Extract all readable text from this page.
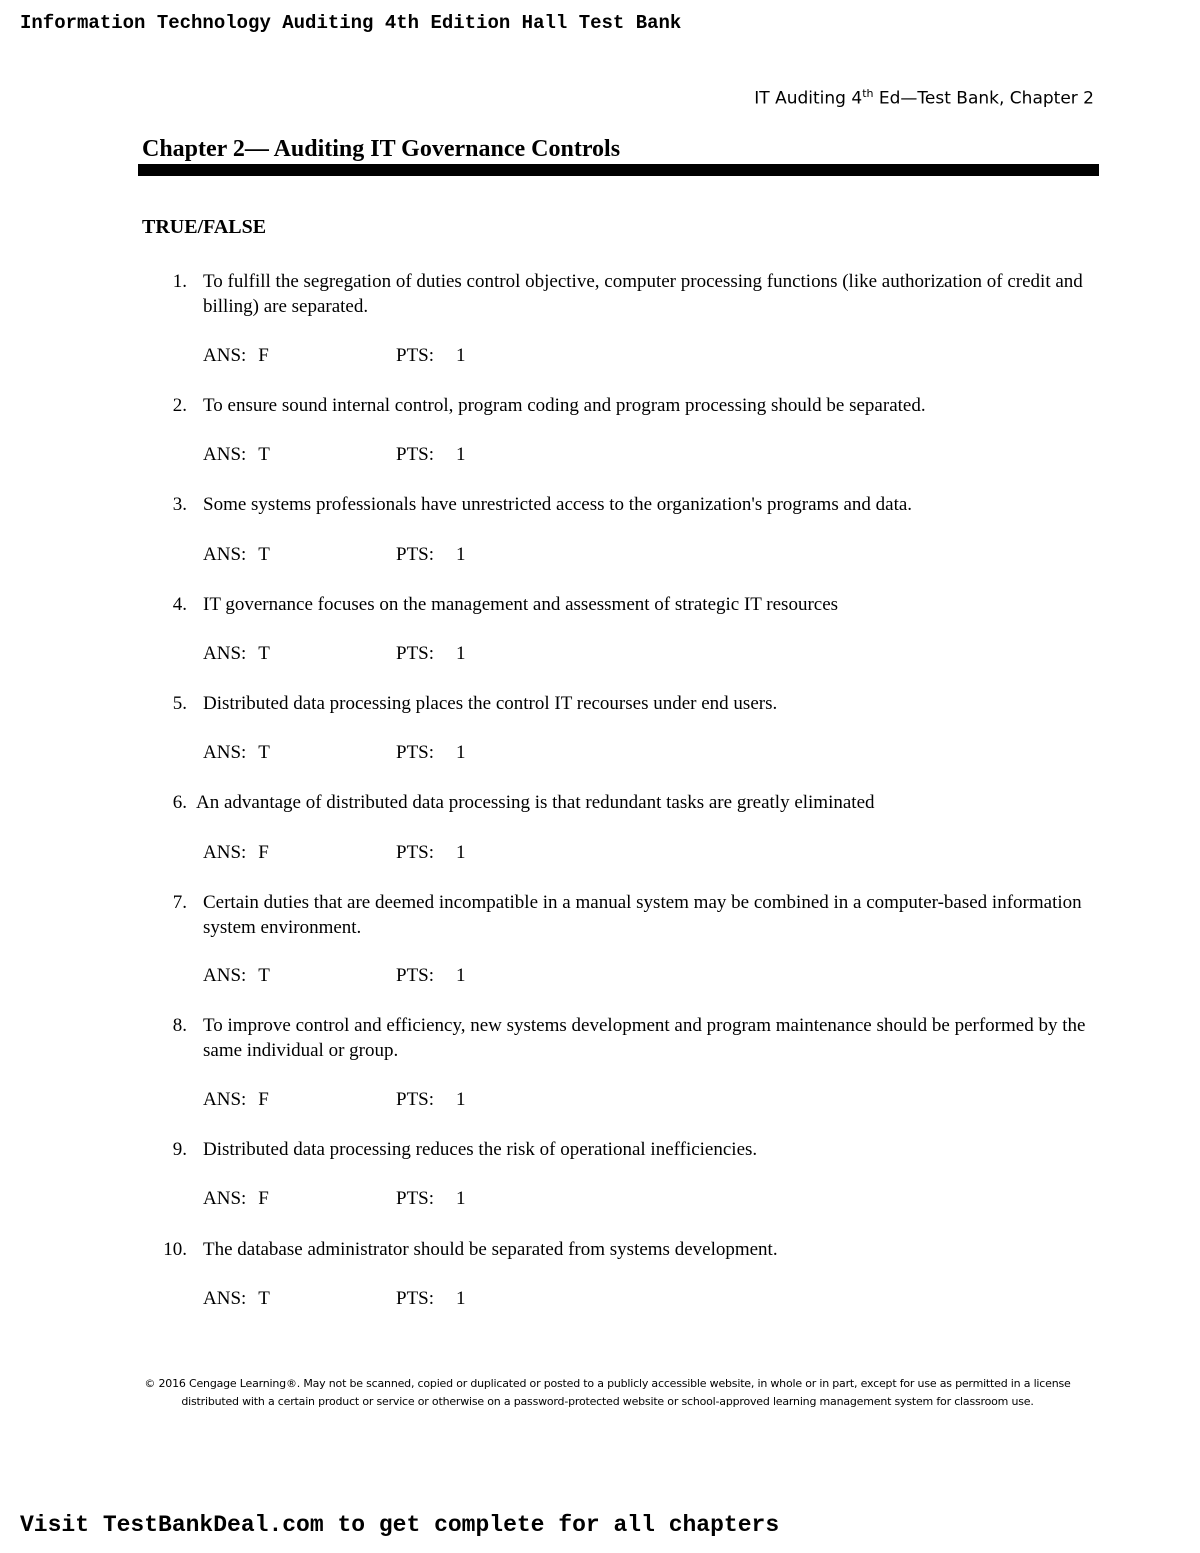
Information Technology Auditing 4th Edition Hall Test Bank
IT Auditing 4th Ed—Test Bank, Chapter 2
Chapter 2— Auditing IT Governance Controls
TRUE/FALSE
1. To fulfill the segregation of duties control objective, computer processing functions (like authorization of credit and billing) are separated.
ANS: F	PTS: 1
2. To ensure sound internal control, program coding and program processing should be separated.
ANS: T	PTS: 1
3. Some systems professionals have unrestricted access to the organization's programs and data.
ANS: T	PTS: 1
4. IT governance focuses on the management and assessment of strategic IT resources
ANS: T	PTS: 1
5. Distributed data processing places the control IT recourses under end users.
ANS: T	PTS: 1
6. An advantage of distributed data processing is that redundant tasks are greatly eliminated
ANS: F	PTS: 1
7. Certain duties that are deemed incompatible in a manual system may be combined in a computer-based information system environment.
ANS: T	PTS: 1
8. To improve control and efficiency, new systems development and program maintenance should be performed by the same individual or group.
ANS: F	PTS: 1
9. Distributed data processing reduces the risk of operational inefficiencies.
ANS: F	PTS: 1
10. The database administrator should be separated from systems development.
ANS: T	PTS: 1
© 2016 Cengage Learning®. May not be scanned, copied or duplicated or posted to a publicly accessible website, in whole or in part, except for use as permitted in a license
distributed with a certain product or service or otherwise on a password-protected website or school-approved learning management system for classroom use.
Visit TestBankDeal.com to get complete for all chapters
